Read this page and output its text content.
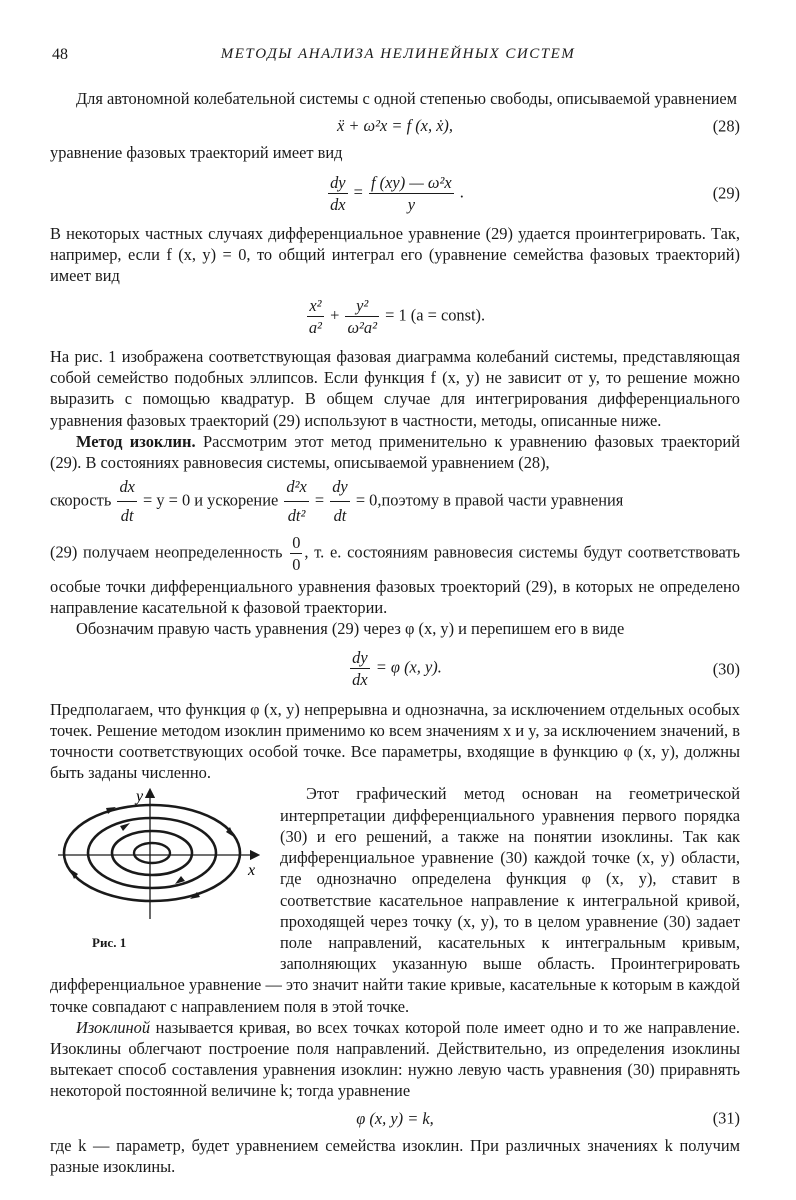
48	МЕТОДЫ АНАЛИЗА НЕЛИНЕЙНЫХ СИСТЕМ

Для автономной колебательной системы с одной степенью свободы, описываемой уравнением

ẍ + ω²x = f (x, ẋ),	(28)

уравнение фазовых траекторий имеет вид

$\frac{dy}{dx} = \frac{\text{f (xy) — ω²x}}{y}$ .	(29)

В некоторых частных случаях дифференциальное уравнение (29) удается проинтегрировать. Так, например, если f (x, y) = 0, то общий интеграл его (уравнение семейства фазовых траекторий) имеет вид

$\frac{\text{x²}}{\text{a²}} + \frac{\text{y²}}{\text{ω²a²}} = 1$ (a = const).

На рис. 1 изображена соответствующая фазовая диаграмма колебаний системы, представляющая собой семейство подобных эллипсов. Если функция f (x, y) не зависит от y, то решение можно выразить с помощью квадратур. В общем случае для интегрирования дифференциального уравнения фазовых траекторий (29) используют в частности, методы, описанные ниже.

Метод изоклин. Рассмотрим этот метод применительно к уравнению фазовых траекторий (29). В состояниях равновесия системы, описываемой уравнением (28),

скорость $\frac{dx}{dt} = y = 0$ и ускорение $\frac{\text{d²x}}{\text{dt²}} = \frac{dy}{dt}$ = 0,поэтому в правой части уравнения

(29) получаем неопределенность $\frac{0}{0}$ , т. е. состояниям равновесия системы будут соответствовать особые точки дифференциального уравнения фазовых троекторий (29), в которых не определено направление касательной к фазовой траектории.

Обозначим правую часть уравнения (29) через φ (x, y) и перепишем его в виде

$\frac{dy}{dx} = \varphi$ (x, y).	(30)

Предполагаем, что функция φ (x, y) непрерывна и однозначна, за исключением отдельных особых точек. Решение методом изоклин применимо ко всем значениям x и y, за исключением значений, в точности соответствующих особой точке. Все параметры, входящие в функцию φ (x, y), должны быть заданы численно.

y
x
Рис. 1

Этот графический метод основан на геометрической интерпретации дифференциального уравнения первого порядка (30) и его решений, а также на понятии изоклины. Так как дифференциальное уравнение (30) каждой точке (x, y) области, где однозначно определена функция φ (x, y), ставит в соответствие касательное направление к интегральной кривой, проходящей через точку (x, y), то в целом уравнение (30) задает поле направлений, касательных к интегральным кривым, заполняющих указанную выше область. Проинтегрировать дифференциальное уравнение — это значит найти такие кривые, касательные к которым в каждой точке совпадают с направлением поля в этой точке.

Изоклиной называется кривая, во всех точках которой поле имеет одно и то же направление. Изоклины облегчают построение поля направлений. Действительно, из определения изоклины вытекает способ составления уравнения изоклин: нужно левую часть уравнения (30) приравнять некоторой постоянной величине k; тогда уравнение

φ (x, y) = k,	(31)

где k — параметр, будет уравнением семейства изоклин. При различных значениях k получим разные изоклины.
